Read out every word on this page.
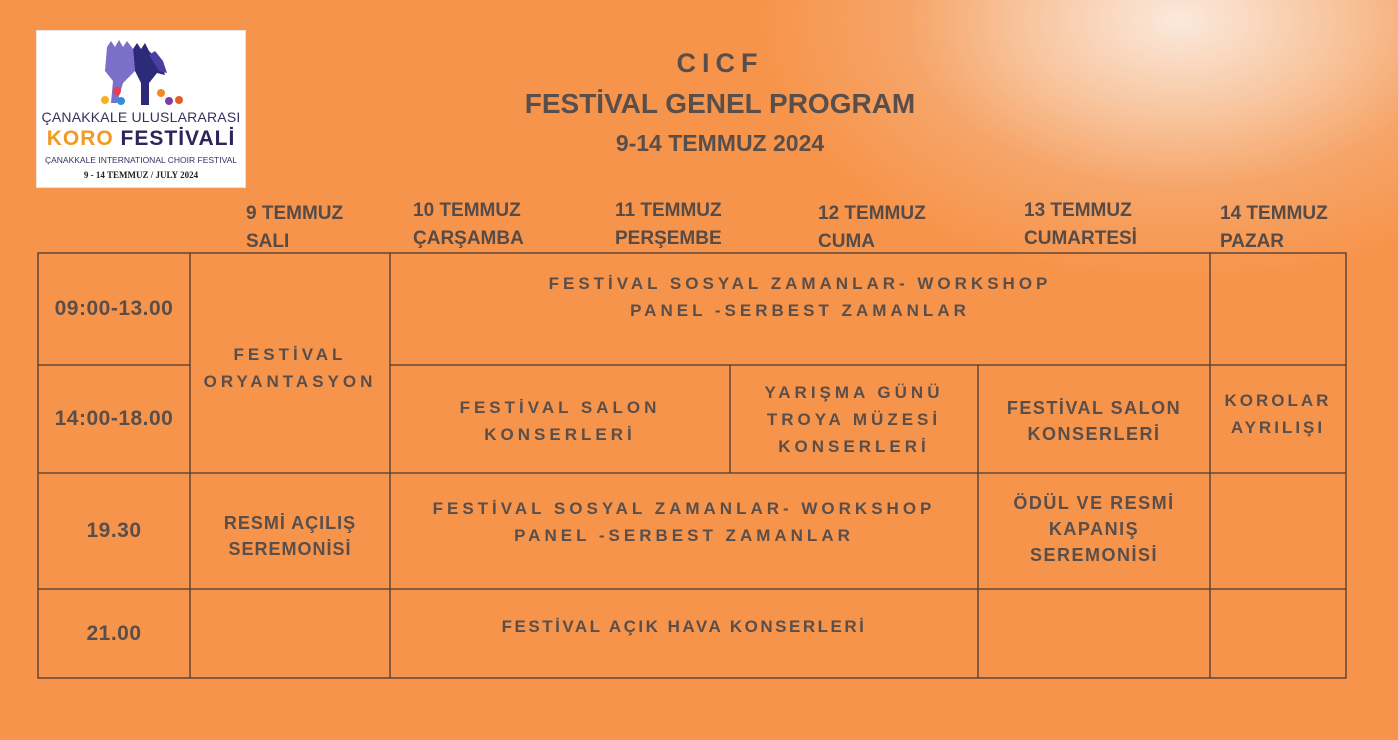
ÇANAKKALE ULUSLARARASI
KORO FESTİVALİ
ÇANAKKALE INTERNATIONAL CHOIR FESTIVAL
9 - 14 TEMMUZ / JULY 2024
CICF
FESTİVAL GENEL PROGRAM
9-14 TEMMUZ 2024
9 TEMMUZ
SALI
10 TEMMUZ
ÇARŞAMBA
11 TEMMUZ
PERŞEMBE
12 TEMMUZ
CUMA
13 TEMMUZ
CUMARTESİ
14 TEMMUZ
PAZAR
09:00-13.00
14:00-18.00
19.30
21.00
FESTİVAL
ORYANTASYON
FESTİVAL SOSYAL ZAMANLAR- WORKSHOP
PANEL -SERBEST ZAMANLAR
FESTİVAL SALON
KONSERLERİ
YARIŞMA GÜNÜ
TROYA MÜZESİ
KONSERLERİ
FESTİVAL SALON
KONSERLERİ
KOROLAR
AYRILIŞI
RESMİ AÇILIŞ
SEREMONİSİ
FESTİVAL SOSYAL ZAMANLAR- WORKSHOP
PANEL -SERBEST ZAMANLAR
ÖDÜL VE RESMİ
KAPANIŞ
SEREMONİSİ
FESTİVAL AÇIK HAVA KONSERLERİ
